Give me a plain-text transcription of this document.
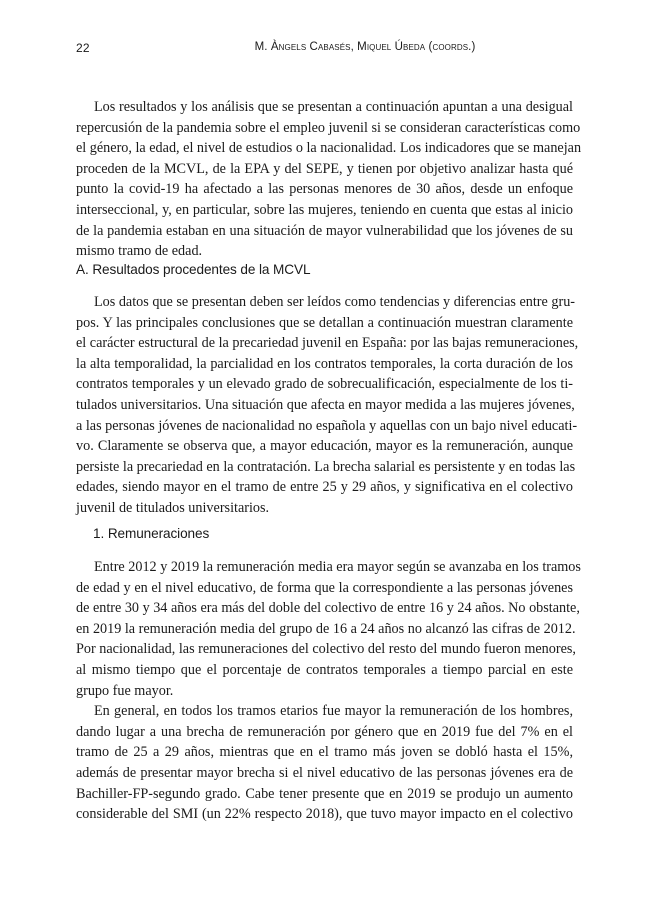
22	M. Àngels Cabasés, Miquel Úbeda (coords.)

Los resultados y los análisis que se presentan a continuación apuntan a una desigual
repercusión de la pandemia sobre el empleo juvenil si se consideran características como
el género, la edad, el nivel de estudios o la nacionalidad. Los indicadores que se manejan
proceden de la MCVL, de la EPA y del SEPE, y tienen por objetivo analizar hasta qué
punto la covid-19 ha afectado a las personas menores de 30 años, desde un enfoque
interseccional, y, en particular, sobre las mujeres, teniendo en cuenta que estas al inicio
de la pandemia estaban en una situación de mayor vulnerabilidad que los jóvenes de su
mismo tramo de edad.

A. Resultados procedentes de la MCVL

Los datos que se presentan deben ser leídos como tendencias y diferencias entre gru-
pos. Y las principales conclusiones que se detallan a continuación muestran claramente
el carácter estructural de la precariedad juvenil en España: por las bajas remuneraciones,
la alta temporalidad, la parcialidad en los contratos temporales, la corta duración de los
contratos temporales y un elevado grado de sobrecualificación, especialmente de los ti-
tulados universitarios. Una situación que afecta en mayor medida a las mujeres jóvenes,
a las personas jóvenes de nacionalidad no española y aquellas con un bajo nivel educati-
vo. Claramente se observa que, a mayor educación, mayor es la remuneración, aunque
persiste la precariedad en la contratación. La brecha salarial es persistente y en todas las
edades, siendo mayor en el tramo de entre 25 y 29 años, y significativa en el colectivo
juvenil de titulados universitarios.

1. Remuneraciones

Entre 2012 y 2019 la remuneración media era mayor según se avanzaba en los tramos
de edad y en el nivel educativo, de forma que la correspondiente a las personas jóvenes
de entre 30 y 34 años era más del doble del colectivo de entre 16 y 24 años. No obstante,
en 2019 la remuneración media del grupo de 16 a 24 años no alcanzó las cifras de 2012.
Por nacionalidad, las remuneraciones del colectivo del resto del mundo fueron menores,
al mismo tiempo que el porcentaje de contratos temporales a tiempo parcial en este
grupo fue mayor.

En general, en todos los tramos etarios fue mayor la remuneración de los hombres,
dando lugar a una brecha de remuneración por género que en 2019 fue del 7% en el
tramo de 25 a 29 años, mientras que en el tramo más joven se dobló hasta el 15%,
además de presentar mayor brecha si el nivel educativo de las personas jóvenes era de
Bachiller-FP-segundo grado. Cabe tener presente que en 2019 se produjo un aumento
considerable del SMI (un 22% respecto 2018), que tuvo mayor impacto en el colectivo
